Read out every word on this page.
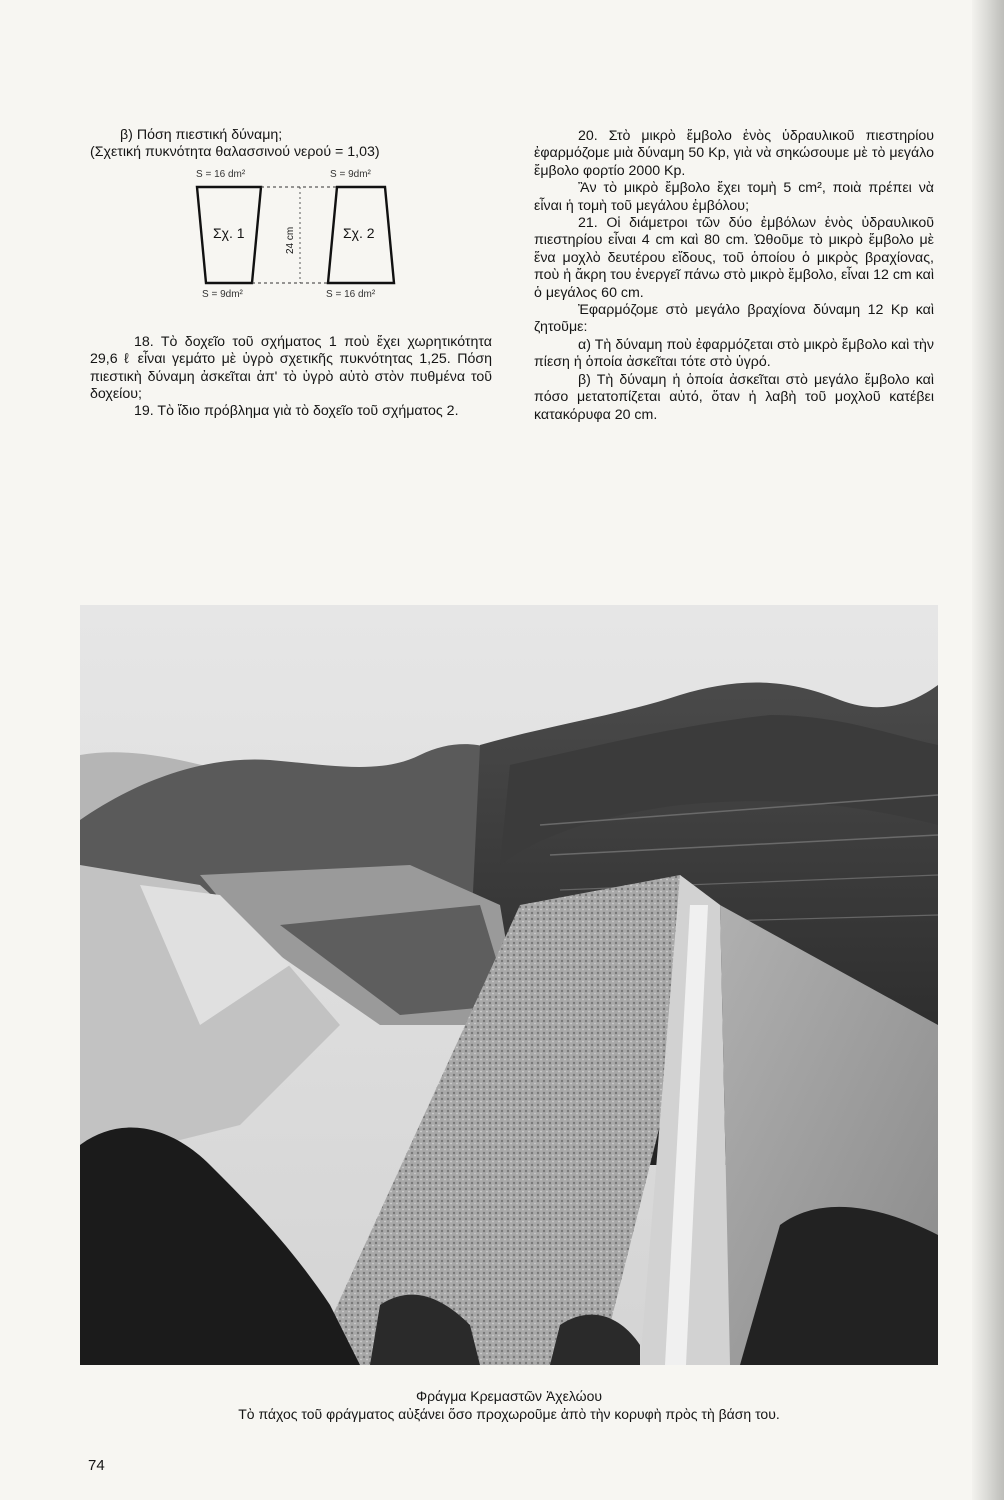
β) Πόση πιεστική δύναμη;

(Σχετική πυκνότητα θαλασσινού νερού = 1,03)

S = 16 dm²
S = 9dm²
Σχ. 1	24 cm
S = 9dm²
S = 16 dm²
Σχ. 2

18. Τὸ δοχεῖο τοῦ σχήματος 1 ποὺ ἔχει χωρητικότητα 29,6 ℓ εἶναι γεμάτο μὲ ὑγρὸ σχετικῆς πυκνότητας 1,25. Πόση πιεστικὴ δύναμη ἀσκεῖται ἀπ' τὸ ὑγρὸ αὐτὸ στὸν πυθμένα τοῦ δοχείου;

19. Τὸ ἴδιο πρόβλημα γιὰ τὸ δοχεῖο τοῦ σχήματος 2.

20. Στὸ μικρὸ ἔμβολο ἑνὸς ὑδραυλικοῦ πιεστηρίου ἐφαρμόζομε μιὰ δύναμη 50 Kp, γιὰ νὰ σηκώσουμε μὲ τὸ μεγάλο ἔμβολο φορτίο 2000 Kp.

Ἂν τὸ μικρὸ ἔμβολο ἔχει τομὴ 5 cm², ποιὰ πρέπει νὰ εἶναι ἡ τομὴ τοῦ μεγάλου ἐμβόλου;

21. Οἱ διάμετροι τῶν δύο ἐμβόλων ἑνὸς ὑδραυλικοῦ πιεστηρίου εἶναι 4 cm καὶ 80 cm. Ὠθοῦμε τὸ μικρὸ ἔμβολο μὲ ἕνα μοχλὸ δευτέρου εἴδους, τοῦ ὁποίου ὁ μικρὸς βραχίονας, ποὺ ἡ ἄκρη του ἐνεργεῖ πάνω στὸ μικρὸ ἔμβολο, εἶναι 12 cm καὶ ὁ μεγάλος 60 cm.

Ἐφαρμόζομε στὸ μεγάλο βραχίονα δύναμη 12 Kp καὶ ζητοῦμε:

α) Τὴ δύναμη ποὺ ἐφαρμόζεται στὸ μικρὸ ἔμβολο καὶ τὴν πίεση ἡ ὁποία ἀσκεῖται τότε στὸ ὑγρό.

β) Τὴ δύναμη ἡ ὁποία ἀσκεῖται στὸ μεγάλο ἔμβολο καὶ πόσο μετατοπίζεται αὐτό, ὅταν ἡ λαβὴ τοῦ μοχλοῦ κατέβει κατακόρυφα 20 cm.

Φράγμα Κρεμαστῶν Ἀχελώου
Τὸ πάχος τοῦ φράγματος αὐξάνει ὅσο προχωροῦμε ἀπὸ τὴν κορυφὴ πρὸς τὴ βάση του.
74
